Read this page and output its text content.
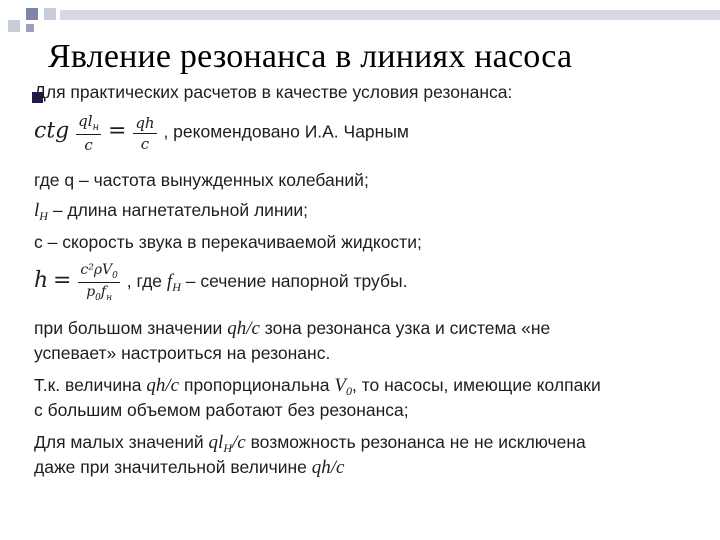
Явление резонанса в линиях насоса
Для практических расчетов в качестве условия резонанса:
ctg $\frac{ql_н}{c} = \frac{qh}{c}$ , рекомендовано И.А. Чарным
где q – частота вынужденных колебаний;
$l_H$ – длина нагнетательной линии;
с – скорость звука в перекачиваемой жидкости;
$h = \frac{c^2\rho V_0}{p_0f_н}$ , где $f_H$ – сечение напорной трубы.
при большом значении qh/c зона резонанса узка и система «не
успевает» настроиться на резонанс.
Т.к. величина qh/c пропорциональна $V_0$, то насосы, имеющие колпаки
с большим объемом работают без резонанса;
Для малых значений $ql_H/c$ возможность резонанса не не исключена
даже при значительной величине qh/c
